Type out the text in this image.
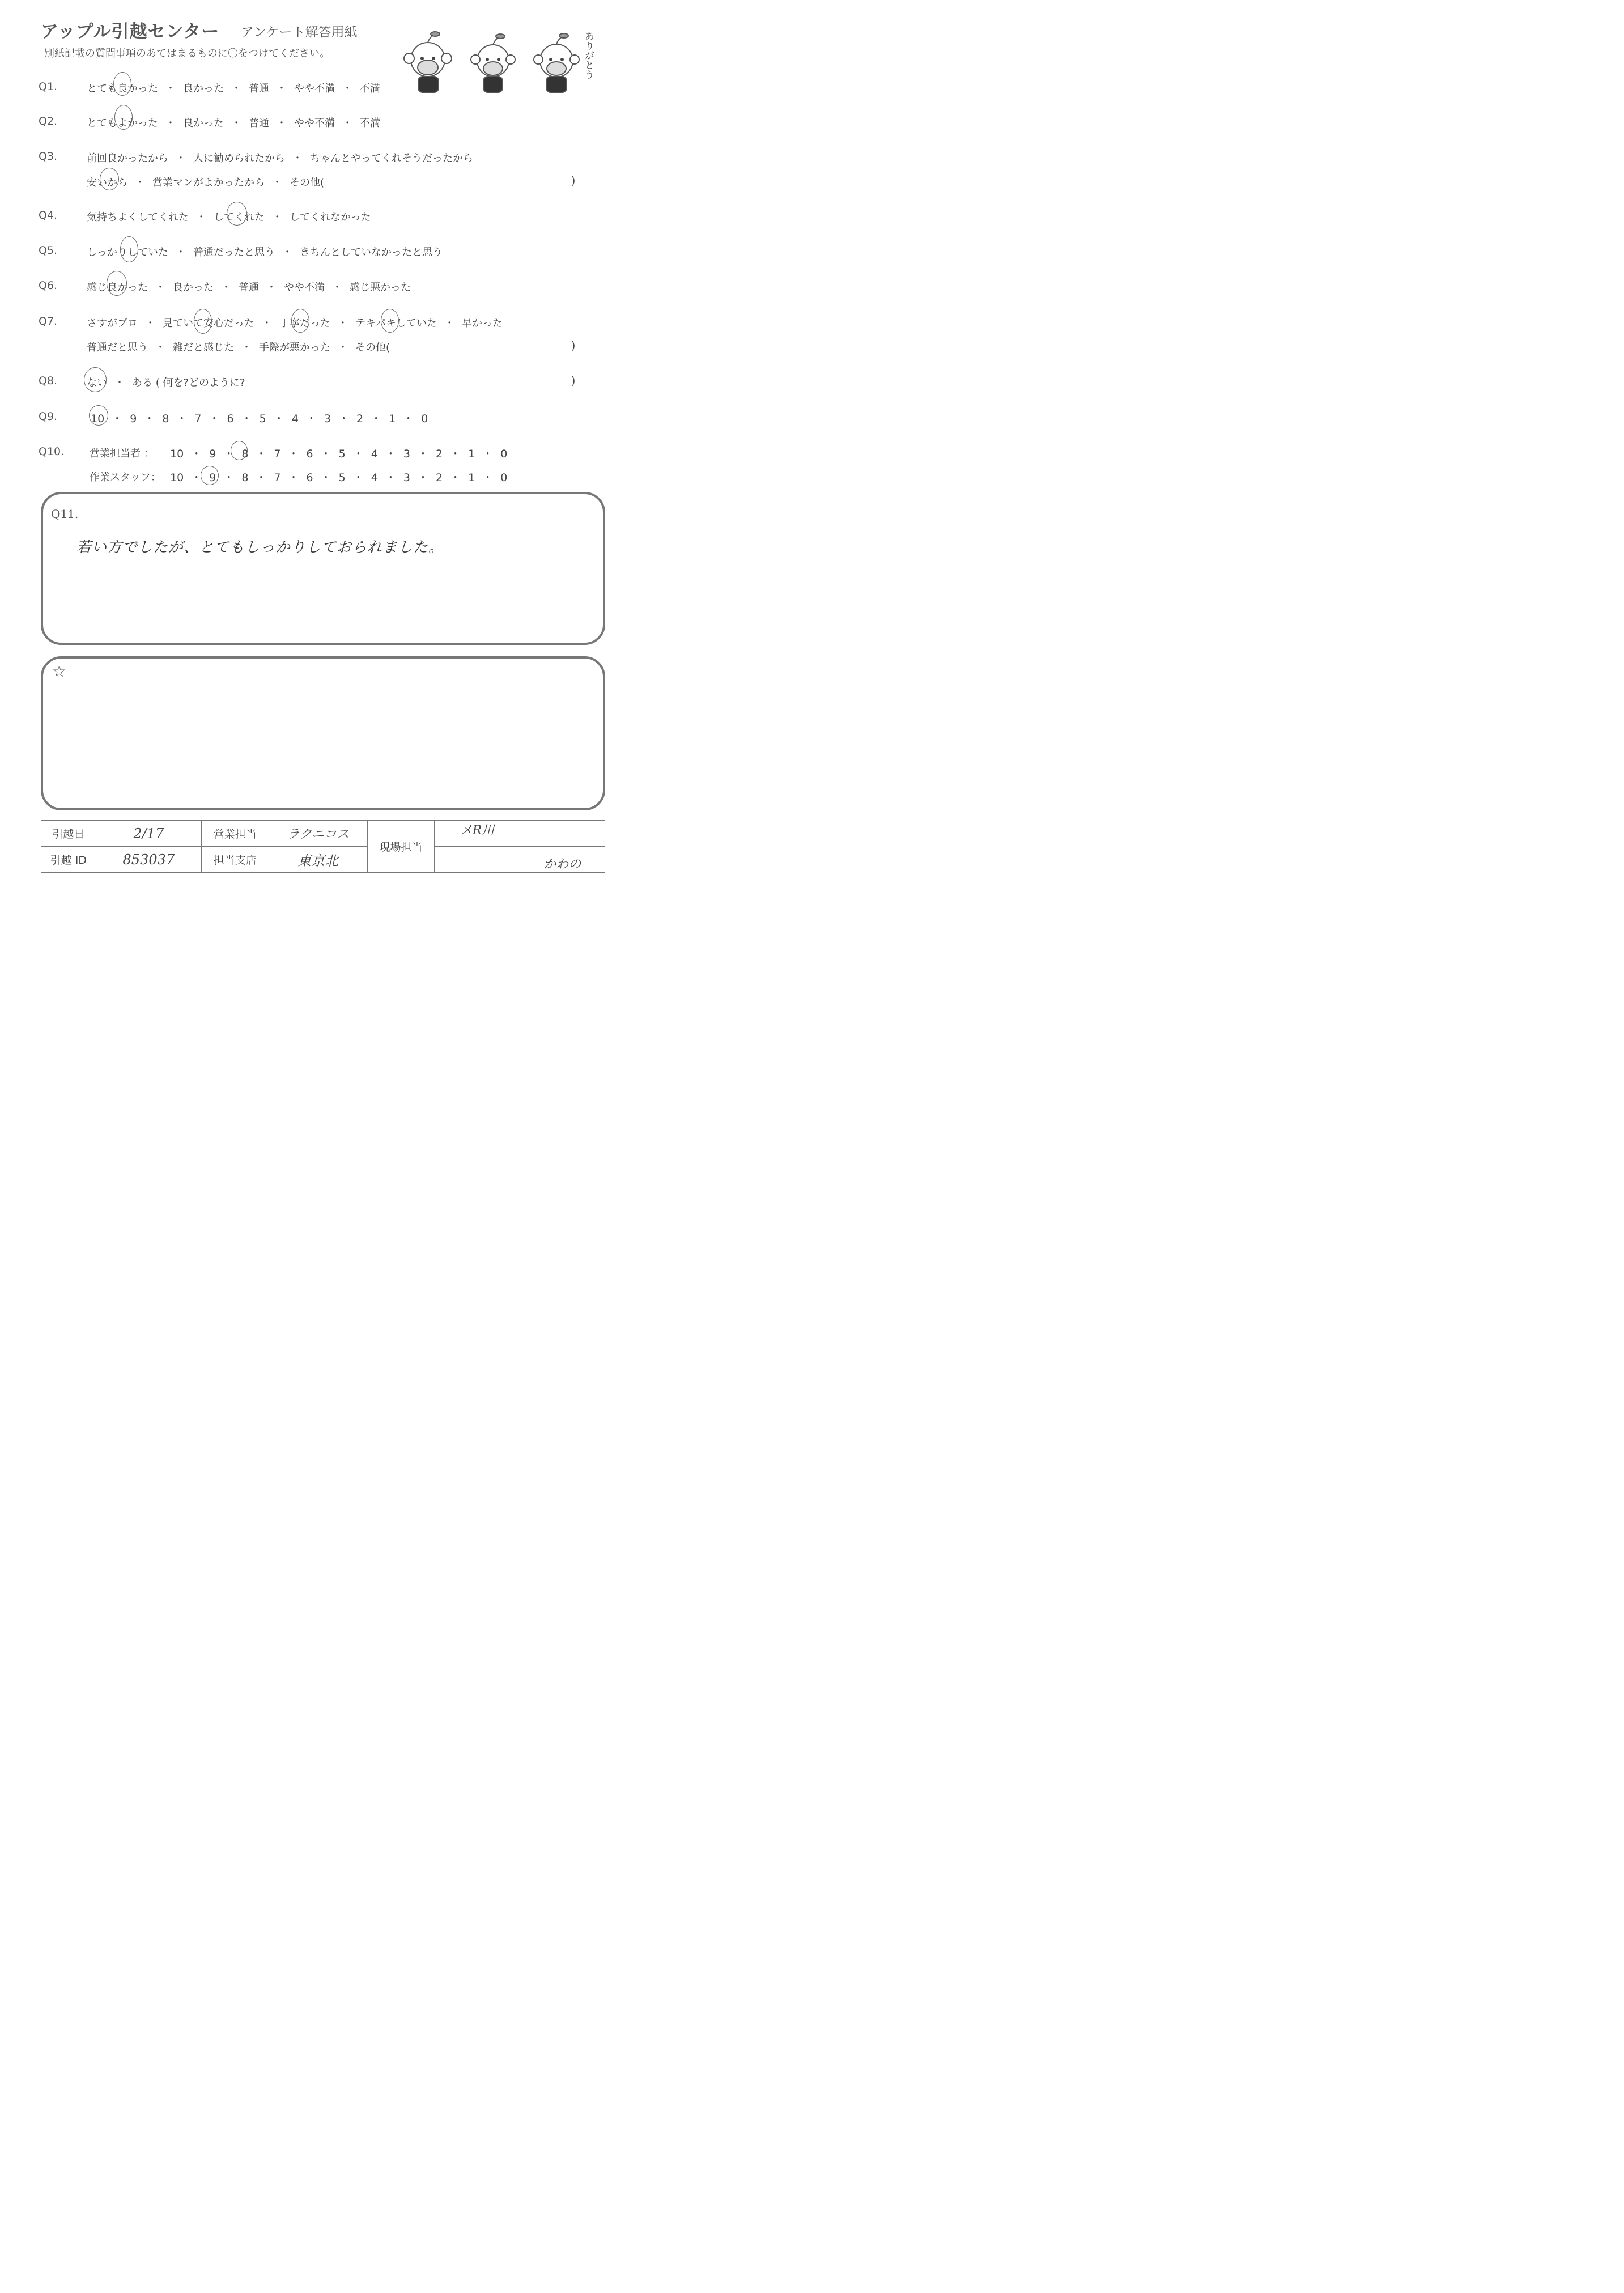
アップル引越センター アンケート解答用紙
別紙記載の質問事項のあてはまるものに〇をつけてください。	ありがとう
Q1.	とても良かった ・ 良かった ・ 普通 ・ やや不満 ・ 不満
Q2.	とてもよかった ・ 良かった ・ 普通 ・ やや不満 ・ 不満
Q3.	前回良かったから ・ 人に勧められたから ・ ちゃんとやってくれそうだったから
安いから ・ 営業マンがよかったから ・ その他(	)
Q4.	気持ちよくしてくれた ・ してくれた ・ してくれなかった
Q5.	しっかりしていた ・ 普通だったと思う ・ きちんとしていなかったと思う
Q6.	感じ良かった ・ 良かった ・ 普通 ・ やや不満 ・ 感じ悪かった
Q7.	さすがプロ ・ 見ていて安心だった ・ 丁寧だった ・ テキパキしていた ・ 早かった
普通だと思う ・ 雑だと感じた ・ 手際が悪かった ・ その他(	)
Q8.	ない ・ ある ( 何を?どのように?	)
Q9.	10 ・ 9 ・ 8 ・ 7 ・ 6 ・ 5 ・ 4 ・ 3 ・ 2 ・ 1 ・ 0
Q10. 営業担当者 ： 10 ・ 9 ・ 8 ・ 7 ・ 6 ・ 5 ・ 4 ・ 3 ・ 2 ・ 1 ・ 0
作業スタッフ： 10 ・ 9 ・ 8 ・ 7 ・ 6 ・ 5 ・ 4 ・ 3 ・ 2 ・ 1 ・ 0
Q11.
若い方でしたが、とてもしっかりしておられました。
☆
引越日	2/17	営業担当	ラクニコス	現場担当	メR川	
引越 ID	853037	担当支店	東京北			かわの
